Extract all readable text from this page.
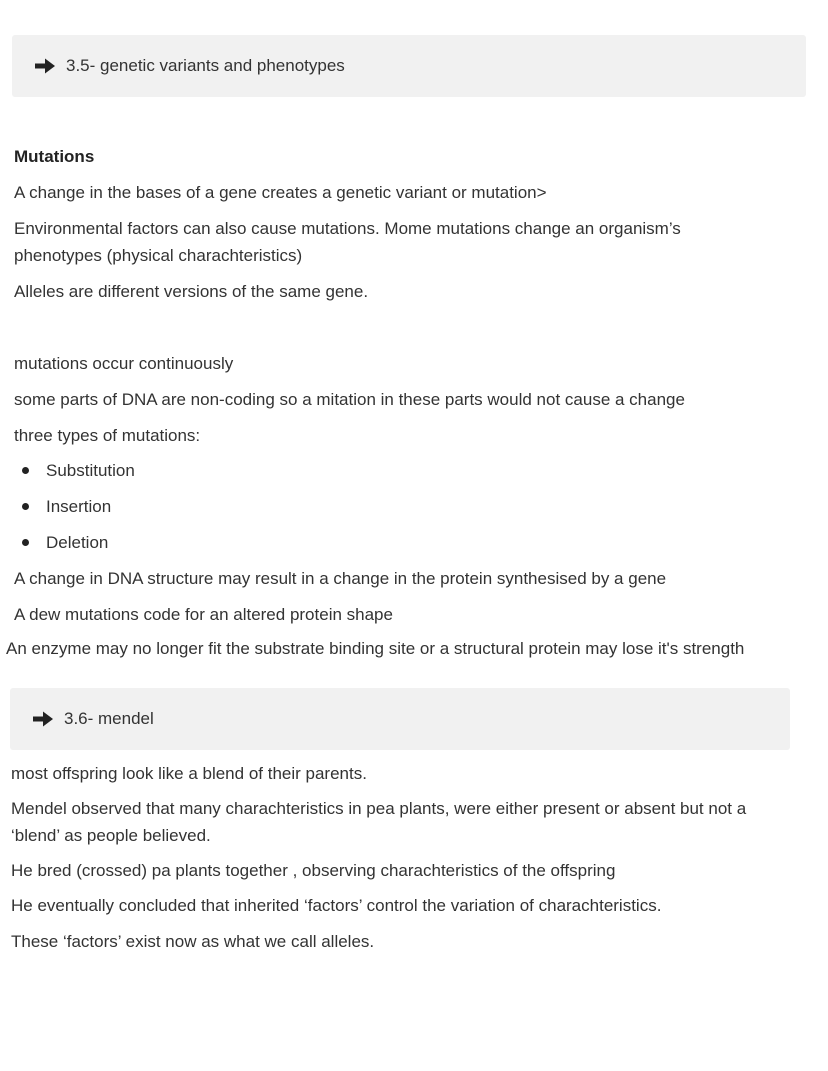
3.5- genetic variants and phenotypes
Mutations
A change in the bases of a gene creates a genetic variant or mutation>
Environmental factors can also cause mutations. Mome mutations change an organism’s phenotypes (physical charachteristics)
Alleles are different versions of the same gene.
mutations occur continuously
some parts of DNA are non-coding so a mitation in these parts would not cause a change
three types of mutations:
Substitution
Insertion
Deletion
A change in DNA structure may result in a change in the protein synthesised by a gene
A dew mutations code for an altered protein shape
An enzyme may no longer fit the substrate binding site or a structural protein may lose it's strength
3.6- mendel
most offspring look like a blend of their parents.
Mendel observed that many charachteristics in pea plants, were either present or absent but not a ‘blend’ as people believed.
He bred (crossed) pa plants together , observing charachteristics of the offspring
He eventually concluded that inherited ‘factors’ control the variation of charachteristics.
These ‘factors’ exist now as what we call alleles.
